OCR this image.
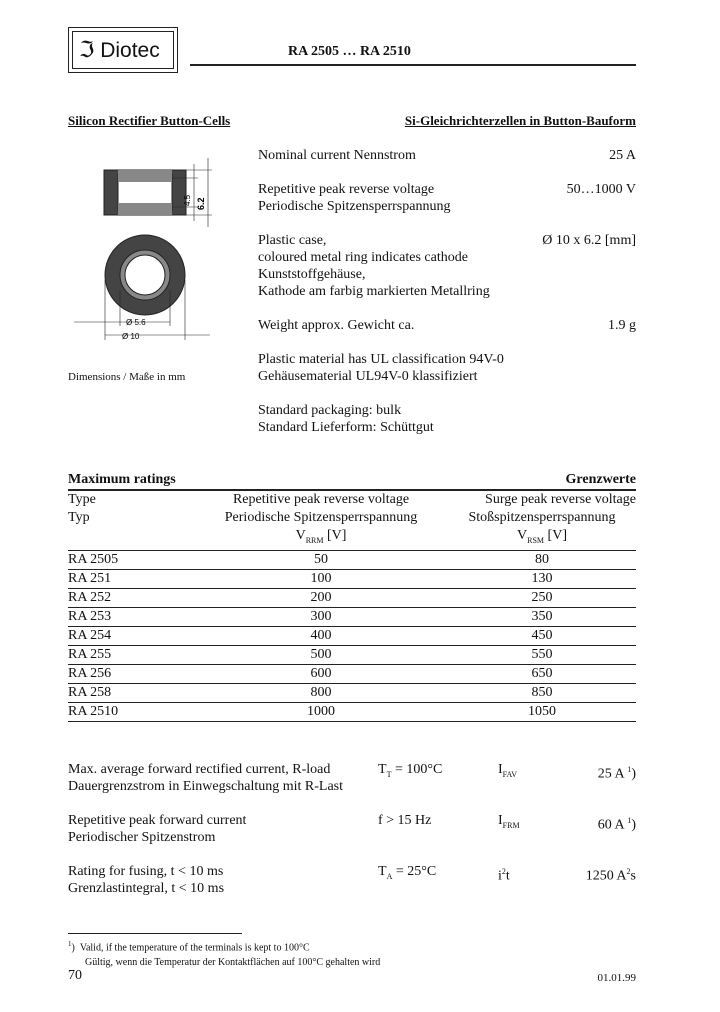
ℑ Diotec	RA 2505 … RA 2510
Silicon Rectifier Button-Cells	Si-Gleichrichterzellen in Button-Bauform
4.5 6.2
Ø 5.6
Ø 10
Dimensions / Maße in mm
Nominal current Nennstrom	25 A
Repetitive peak reverse voltage
Periodische Spitzensperrspannung
50…1000 V
Plastic case,
coloured metal ring indicates cathode
Kunststoffgehäuse,
Kathode am farbig markierten Metallring
Ø 10 x 6.2 [mm]
Weight approx. Gewicht ca.	1.9 g
Plastic material has UL classification 94V-0
Gehäusematerial UL94V-0 klassifiziert
Standard packaging: bulk
Standard Lieferform: Schüttgut
Maximum ratings		Grenzwerte
Type	Repetitive peak reverse voltage	Surge peak reverse voltage
Typ	Periodische Spitzensperrspannung	Stoßspitzensperrspannung
	$V_{RRM}$ [V]	$V_{RSM}$ [V]
RA 2505	50	80
RA 251	100	130
RA 252	200	250
RA 253	300	350
RA 254	400	450
RA 255	500	550
RA 256	600	650
RA 258	800	850
RA 2510	1000	1050
Max. average forward rectified current, R-load
Dauergrenzstrom in Einwegschaltung mit R-Last
$T_T = 100^\circ C$	$I_{FAV}$	25 A $^1$)
Repetitive peak forward current
Periodischer Spitzenstrom
f > 15 Hz	$I_{FRM}$	60 A $^1$)
Rating for fusing, t < 10 ms
Grenzlastintegral, t < 10 ms
$T_A = 25^\circ C$	$i^2t$	1250 $A^2s$
$^1$)  Valid, if the temperature of the terminals is kept to 100°C
Gültig, wenn die Temperatur der Kontaktflächen auf 100°C gehalten wird
70	01.01.99
